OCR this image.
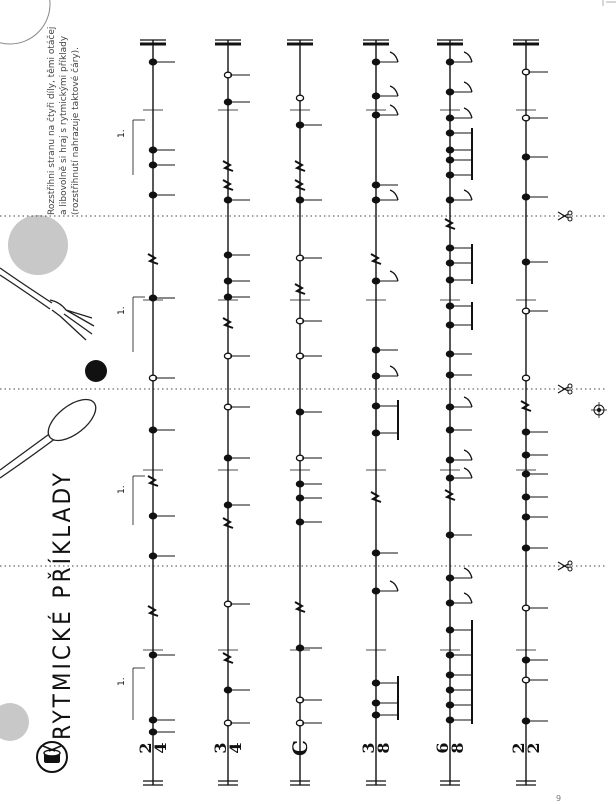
2
4	3
4 C	3
8	6
8	2
2
1.
1.
1.
1.
RYTMICKÉ PŘÍKLADY
Rozstřihni stranu na čtyři díly, těmi otáčej a libovolně si hraj s rytmickými příklady (rozstřihnutí nahrazuje taktové čáry).
9
